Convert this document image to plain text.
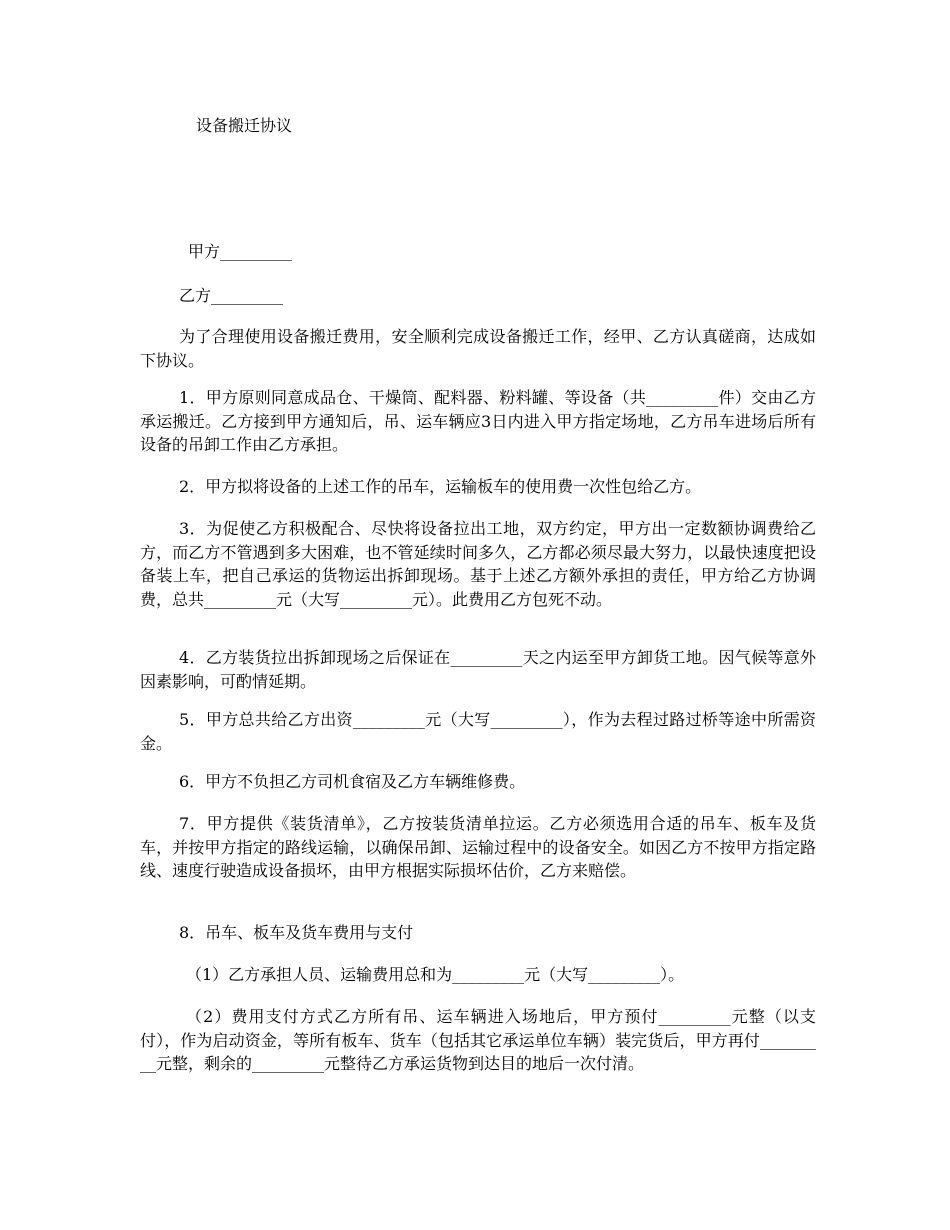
设备搬迁协议

甲方_________

乙方_________

为了合理使用设备搬迁费用，安全顺利完成设备搬迁工作，经甲、乙方认真磋商，达成如下协议。

1．甲方原则同意成品仓、干燥筒、配料器、粉料罐、等设备（共_________件）交由乙方承运搬迁。乙方接到甲方通知后，吊、运车辆应3日内进入甲方指定场地，乙方吊车进场后所有设备的吊卸工作由乙方承担。

2．甲方拟将设备的上述工作的吊车，运输板车的使用费一次性包给乙方。

3．为促使乙方积极配合、尽快将设备拉出工地，双方约定，甲方出一定数额协调费给乙方，而乙方不管遇到多大困难，也不管延续时间多久，乙方都必须尽最大努力，以最快速度把设备装上车，把自己承运的货物运出拆卸现场。基于上述乙方额外承担的责任，甲方给乙方协调费，总共_________元（大写_________元）。此费用乙方包死不动。

4．乙方装货拉出拆卸现场之后保证在_________天之内运至甲方卸货工地。因气候等意外因素影响，可酌情延期。

5．甲方总共给乙方出资_________元（大写_________），作为去程过路过桥等途中所需资金。

6．甲方不负担乙方司机食宿及乙方车辆维修费。

7．甲方提供《装货清单》，乙方按装货清单拉运。乙方必须选用合适的吊车、板车及货车，并按甲方指定的路线运输，以确保吊卸、运输过程中的设备安全。如因乙方不按甲方指定路线、速度行驶造成设备损坏，由甲方根据实际损坏估价，乙方来赔偿。

8．吊车、板车及货车费用与支付

（1）乙方承担人员、运输费用总和为_________元（大写_________）。

（2）费用支付方式乙方所有吊、运车辆进入场地后，甲方预付_________元整（以支付），作为启动资金，等所有板车、货车（包括其它承运单位车辆）装完货后，甲方再付_________元整，剩余的_________元整待乙方承运货物到达目的地后一次付清。
